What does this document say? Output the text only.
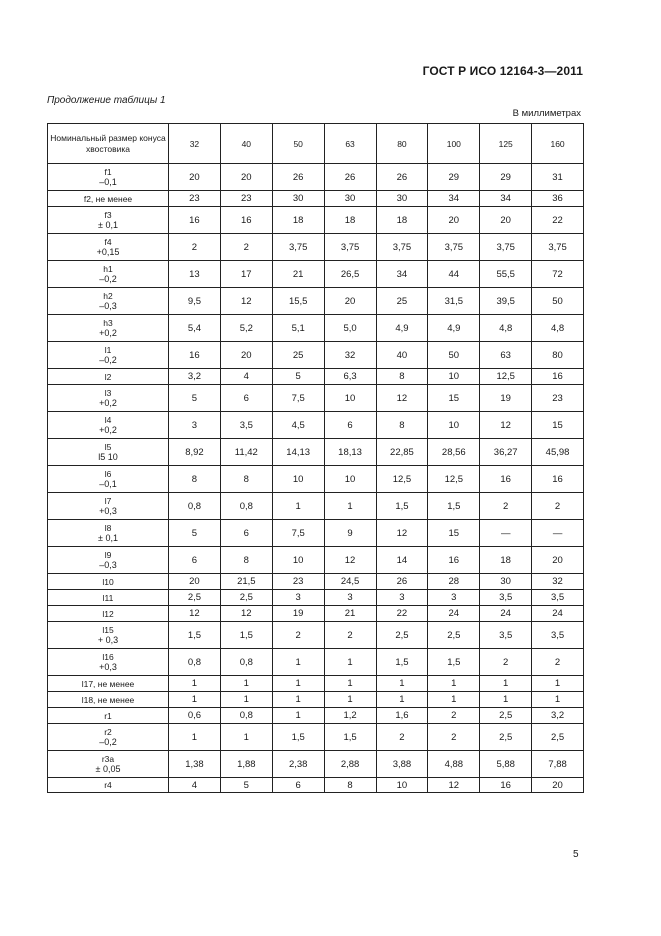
ГОСТ Р ИСО 12164-3—2011
Продолжение таблицы 1
В миллиметрах
Номинальный размер конуса хвостовика	32	40	50	63	80	100	125	160

f1
–0,1	20	20	26	26	26	29	29	31

f2, не менее	23	23	30	30	30	34	34	36

f3
± 0,1	16	16	18	18	18	20	20	22

f4
+0,15	2	2	3,75	3,75	3,75	3,75	3,75	3,75

h1
–0,2	13	17	21	26,5	34	44	55,5	72

h2
–0,3	9,5	12	15,5	20	25	31,5	39,5	50

h3
+0,2	5,4	5,2	5,1	5,0	4,9	4,9	4,8	4,8

l1
–0,2	16	20	25	32	40	50	63	80

l2	3,2	4	5	6,3	8	10	12,5	16

l3
+0,2	5	6	7,5	10	12	15	19	23

l4
+0,2	3	3,5	4,5	6	8	10	12	15

l5
l5 10	8,92	11,42	14,13	18,13	22,85	28,56	36,27	45,98

l6
–0,1	8	8	10	10	12,5	12,5	16	16

l7
+0,3	0,8	0,8	1	1	1,5	1,5	2	2

l8
± 0,1	5	6	7,5	9	12	15	—	—

l9
–0,3	6	8	10	12	14	16	18	20

l10	20	21,5	23	24,5	26	28	30	32

l11	2,5	2,5	3	3	3	3	3,5	3,5

l12	12	12	19	21	22	24	24	24

l15
+ 0,3	1,5	1,5	2	2	2,5	2,5	3,5	3,5

l16
+0,3	0,8	0,8	1	1	1,5	1,5	2	2

l17, не менее	1	1	1	1	1	1	1	1

l18, не менее	1	1	1	1	1	1	1	1

r1	0,6	0,8	1	1,2	1,6	2	2,5	3,2

r2
–0,2	1	1	1,5	1,5	2	2	2,5	2,5

r3a
± 0,05	1,38	1,88	2,38	2,88	3,88	4,88	5,88	7,88

r4	4	5	6	8	10	12	16	20
5
